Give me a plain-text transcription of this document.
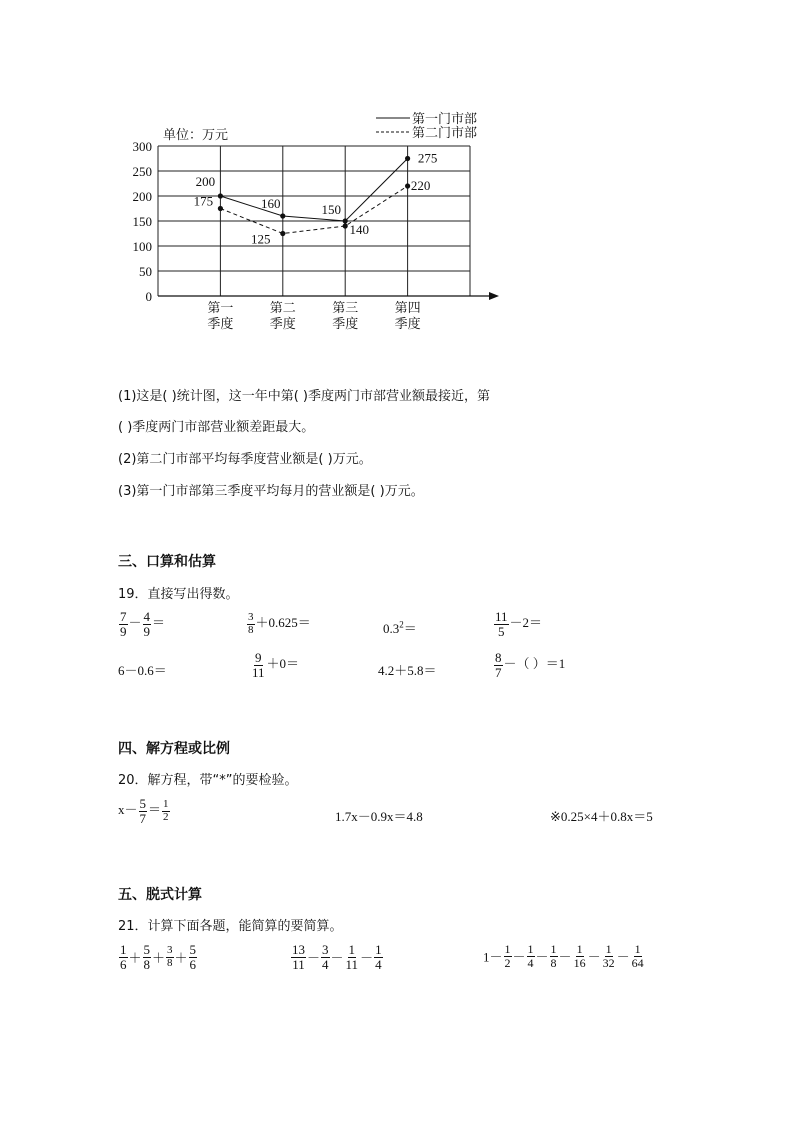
300
250
200
150
100
50
0
单位：万元
第一
季度
第二
季度
第三
季度
第四
季度
200
160	150
275
175
125
140
220
第一门市部
第二门市部
(1)这是( )统计图，这一年中第( )季度两门市部营业额最接近，第
( )季度两门市部营业额差距最大。
(2)第二门市部平均每季度营业额是( )万元。
(3)第一门市部第三季度平均每月的营业额是( )万元。
三、口算和估算
19．直接写出得数。
$\frac{7}{9} - \frac{4}{9}$ ＝	$\frac{3}{8} +0.625=$	$0.3^2=$	$\frac{11}{5} -2=$
6－0.6＝	$\frac{9}{11} +0=$	4.2＋5.8＝	$\frac{8}{7}$ －（ ）＝1
四、解方程或比例
20．解方程，带“*”的要检验。
$x- \frac{5}{7} = \frac{1}{2}$	1.7x－0.9x＝4.8	※0.25×4＋0.8x＝5
五、脱式计算
21．计算下面各题，能简算的要简算。
$\frac{1}{6} + \frac{5}{8} + \frac{3}{8} + \frac{5}{6}$	$\frac{13}{11} - \frac{3}{4} - \frac{1}{11} - \frac{1}{4}$	$1- \frac{1}{2} - \frac{1}{4} - \frac{1}{8} - \frac{1}{16} - \frac{1}{32} - \frac{1}{64}$
